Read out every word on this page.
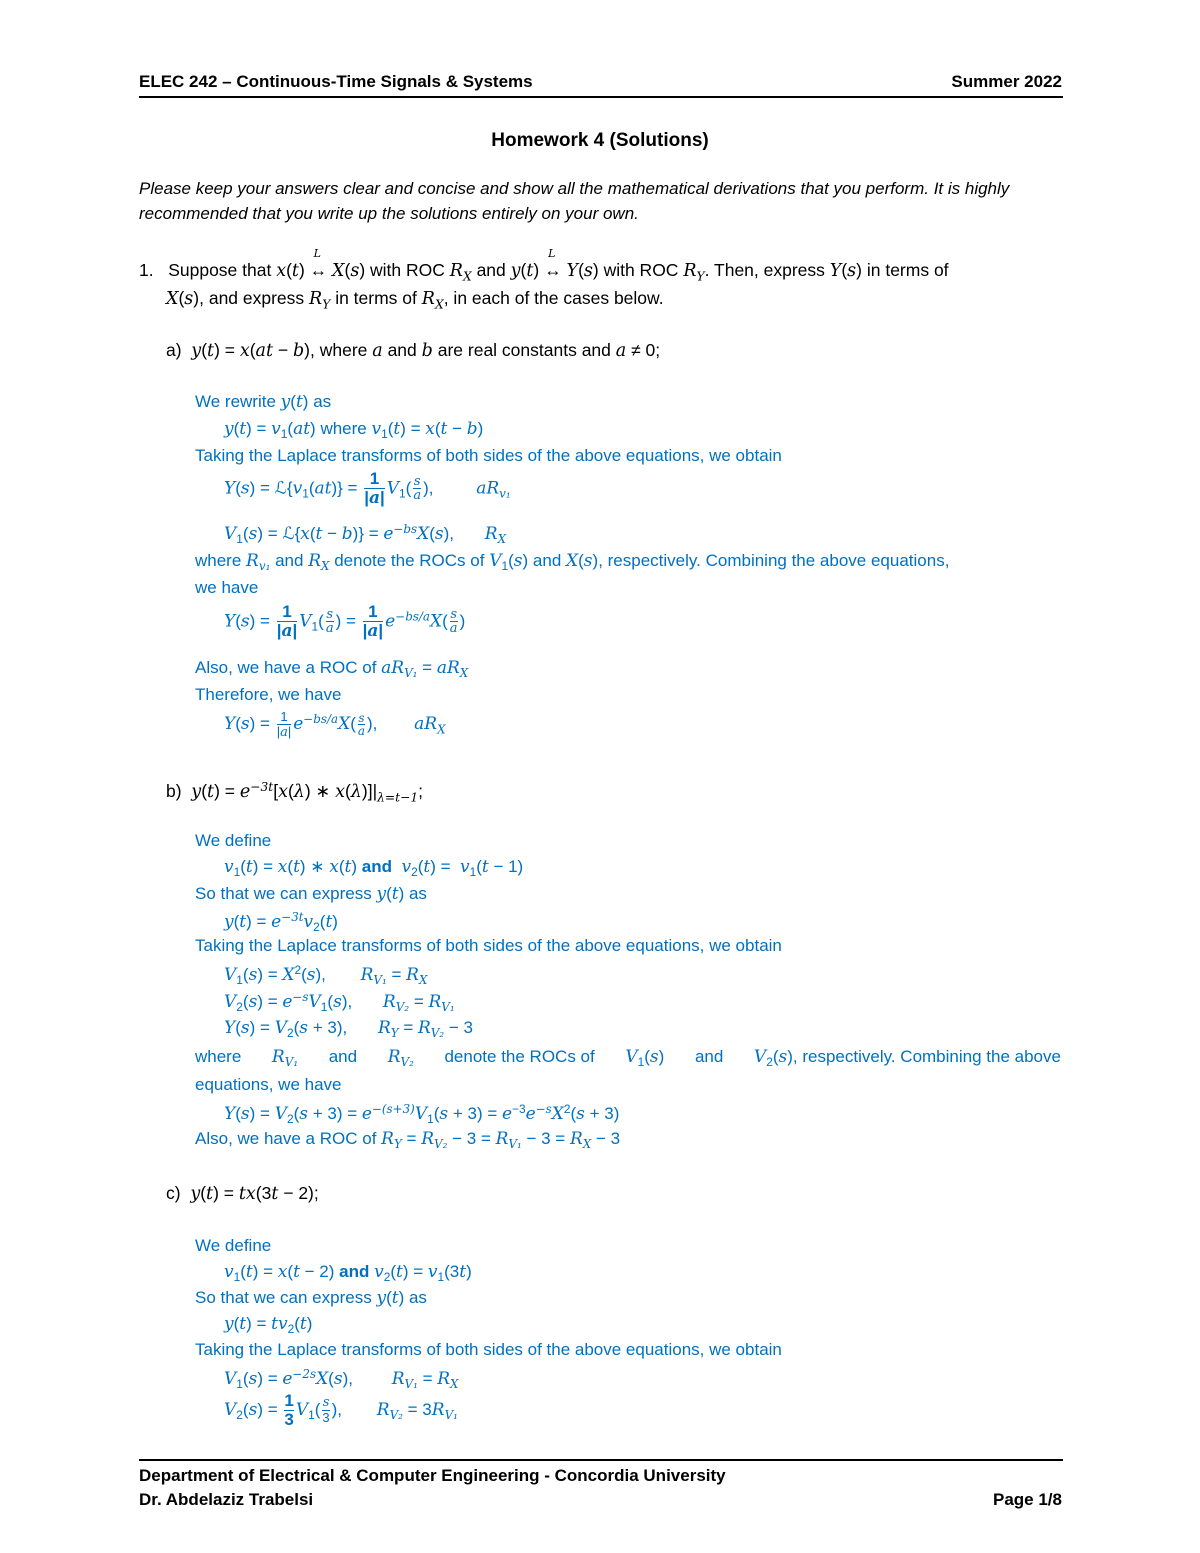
ELEC 242 – Continuous-Time Signals & Systems	Summer 2022
Homework 4 (Solutions)
Please keep your answers clear and concise and show all the mathematical derivations that you perform. It is highly
recommended that you write up the solutions entirely on your own.
1. Suppose that x(t)
L
↔ X(s) with ROC $R_X$ and y(t)
L
↔ Y(s) with ROC $R_Y$. Then, express Y(s) in terms of
X(s), and express $R_Y$ in terms of $R_X$, in each of the cases below.
a) y(t) = x(at − b), where a and b are real constants and a ≠ 0;
We rewrite y(t) as
$y(t) = v_1(at)$ where $v_1(t) = x(t - b)$
Taking the Laplace transforms of both sides of the above equations, we obtain
$Y(s) = ℒ\{v_1(at)\} = \frac{1}{|a|} V_1( \frac{s}{a}$ ), $aR_{v_1}$
$V_1(s)$ = ℒ{x(t − $b)\} = e^{-bs}X(s)$, $R_X$
where $R_{v_1}$ and $R_X$ denote the ROCs of $V_1(s)$ and X(s), respectively. Combining the above equations,
we have
$Y(s) = \frac{1}{|a|} V_1( \frac{s}{a}$ ) = $\frac{1}{|a|} e^{-bs/a}X( \frac{s}{a}$ )
Also, we have a ROC of $aR_{V_1} = aR_X$
Therefore, we have
$Y(s) = \frac{1}{|a|} e^{-bs/a}X( \frac{s}{a}$ ), $aR_X$
b) $y(t) = e^{-3t}[x(\lambda)$ ∗ $x(\lambda)]|_{\lambda=t-1}$;
We define
$v_1(t) = x(t)$ ∗ x(t) and $v_2(t) = v_1(t - 1)$
So that we can express y(t) as
$y(t) = e^{-3t}v_2(t)$
Taking the Laplace transforms of both sides of the above equations, we obtain
$V_1(s) = X^2(s)$, $R_{V_1} = R_X$
$V_2(s) = e^{-s}V_1(s)$, $R_{V_2} = R_{V_1}$
$Y(s) = V_2(s + 3)$, $R_Y = R_{V_2} - 3$
where $R_{V_1}$ and $R_{V_2}$ denote the ROCs of $V_1(s)$ and $V_2(s)$, respectively. Combining the above
equations, we have
$Y(s) = V_2(s + 3) = e^{-(s+3)}V_1(s + 3) = e^{-3}e^{-s}X^2(s + 3)$
Also, we have a ROC of $R_Y = R_{V_2} - 3 = R_{V_1} - 3 = R_X - 3$
c) y(t) = tx(3t − 2);
We define
$v_1(t) = x(t - 2)$ and $v_2(t) = v_1(3t)$
So that we can express y(t) as
$y(t) = tv_2(t)$
Taking the Laplace transforms of both sides of the above equations, we obtain
$V_1(s) = e^{-2s}X(s)$, $R_{V_1} = R_X$
$V_2(s) = \frac{1}{3} V_1( \frac{s}{3}$ ), $R_{V_2} = 3R_{V_1}$
Department of Electrical & Computer Engineering - Concordia University
Dr. Abdelaziz Trabelsi	Page 1/8
